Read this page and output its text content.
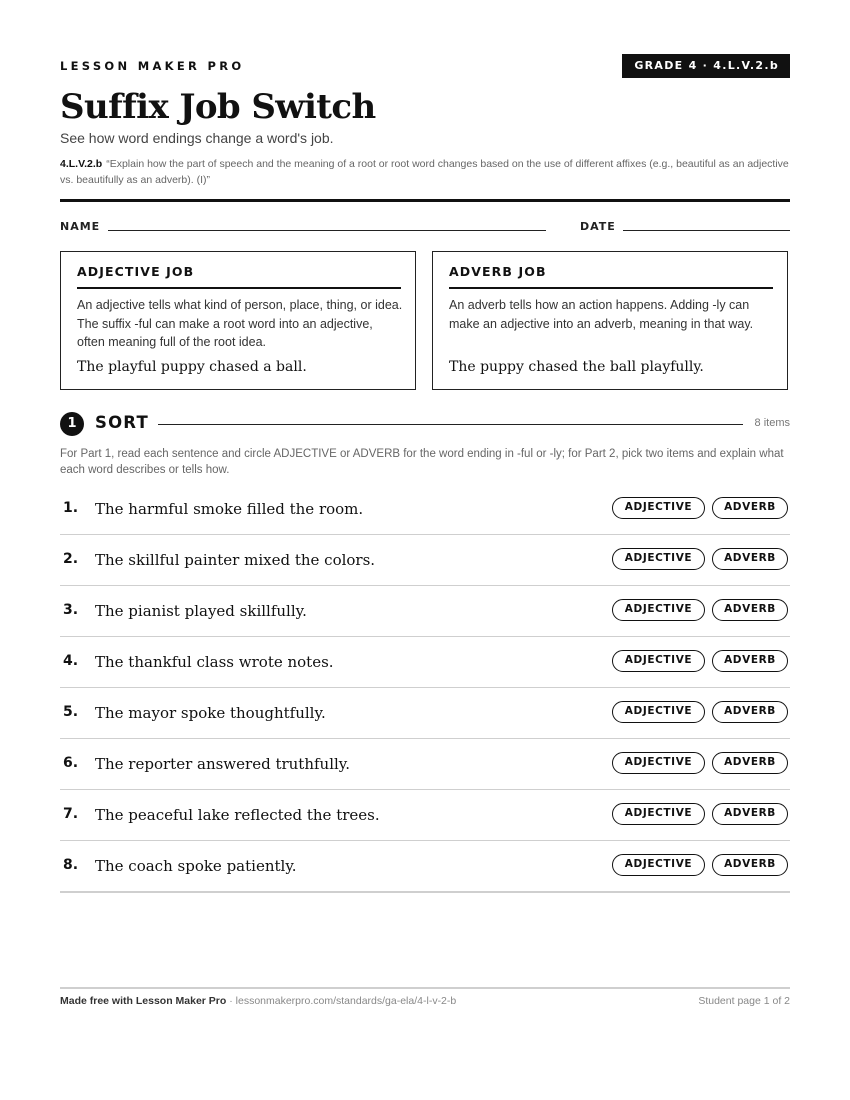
LESSON MAKER PRO	GRADE 4 · 4.L.V.2.b
Suffix Job Switch
See how word endings change a word's job.
4.L.V.2.b “Explain how the part of speech and the meaning of a root or root word changes based on the use of different affixes (e.g., beautiful as an adjective vs. beautifully as an adverb). (I)”
NAME	DATE
ADJECTIVE JOB
An adjective tells what kind of person, place, thing, or idea. The suffix -ful can make a root word into an adjective, often meaning full of the root idea.
The playful puppy chased a ball.
ADVERB JOB
An adverb tells how an action happens. Adding -ly can make an adjective into an adverb, meaning in that way.
The puppy chased the ball playfully.
1	SORT	8 items
For Part 1, read each sentence and circle ADJECTIVE or ADVERB for the word ending in -ful or -ly; for Part 2, pick two items and explain what each word describes or tells how.
1. The harmful smoke filled the room.	ADJECTIVE	ADVERB
2. The skillful painter mixed the colors.	ADJECTIVE	ADVERB
3. The pianist played skillfully.	ADJECTIVE	ADVERB
4. The thankful class wrote notes.	ADJECTIVE	ADVERB
5. The mayor spoke thoughtfully.	ADJECTIVE	ADVERB
6. The reporter answered truthfully.	ADJECTIVE	ADVERB
7. The peaceful lake reflected the trees.	ADJECTIVE	ADVERB
8. The coach spoke patiently.	ADJECTIVE	ADVERB
Made free with Lesson Maker Pro · lessonmakerpro.com/standards/ga-ela/4-l-v-2-b	Student page 1 of 2
